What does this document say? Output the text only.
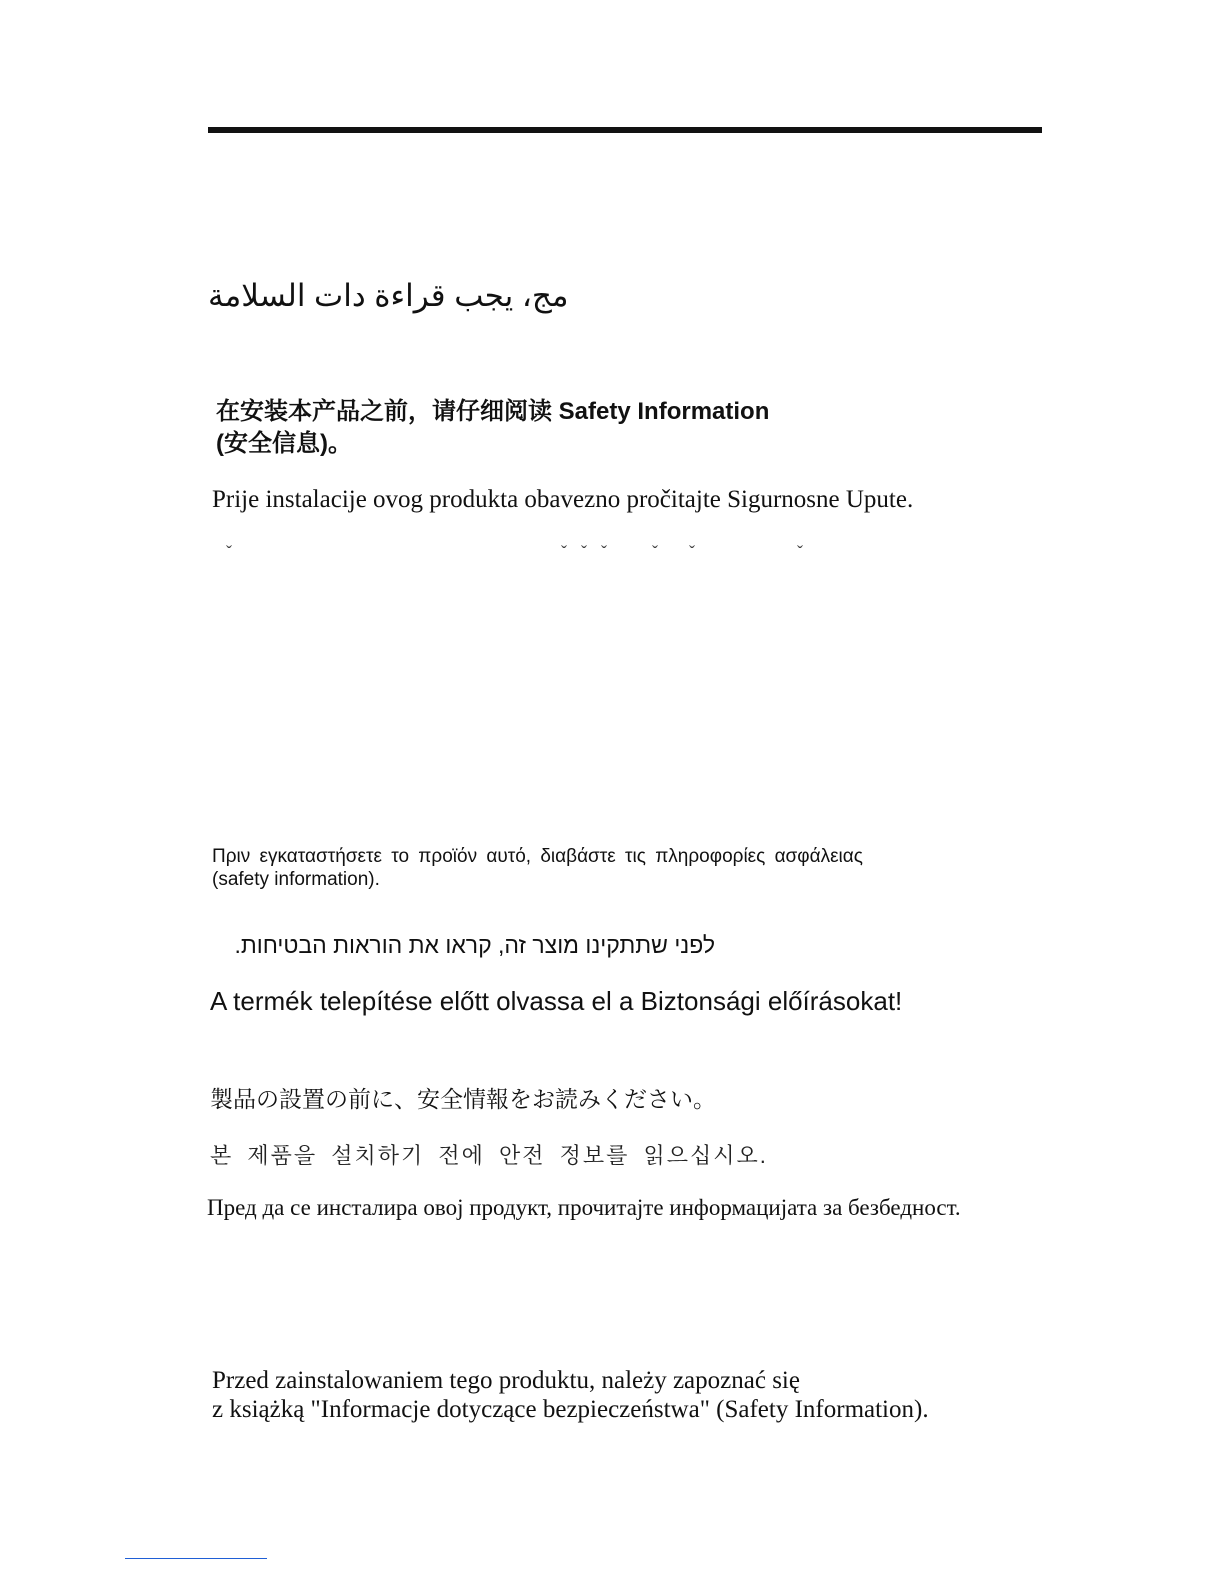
مج، يجب قراءة دات السلامة

在安装本产品之前，请仔细阅读 Safety Information

(安全信息)。

Prije instalacije ovog produkta obavezno pročitajte Sigurnosne Upute.

ˇ	ˇ ˇ ˇ	ˇ ˇ	ˇ

Πριν εγκαταστήσετε το προϊόν αυτό, διαβάστε τις πληροφορίες ασφάλειας

(safety information).

לפני שתתקינו מוצר זה, קראו את הוראות הבטיחות.

A termék telepítése előtt olvassa el a Biztonsági előírásokat!

製品の設置の前に、安全情報をお読みください。

본 제품을 설치하기 전에 안전 정보를 읽으십시오.

Пред да се инсталира овој продукт, прочитајте информацијата за безбедност.

Przed zainstalowaniem tego produktu, należy zapoznać się

z książką "Informacje dotyczące bezpieczeństwa" (Safety Information).
